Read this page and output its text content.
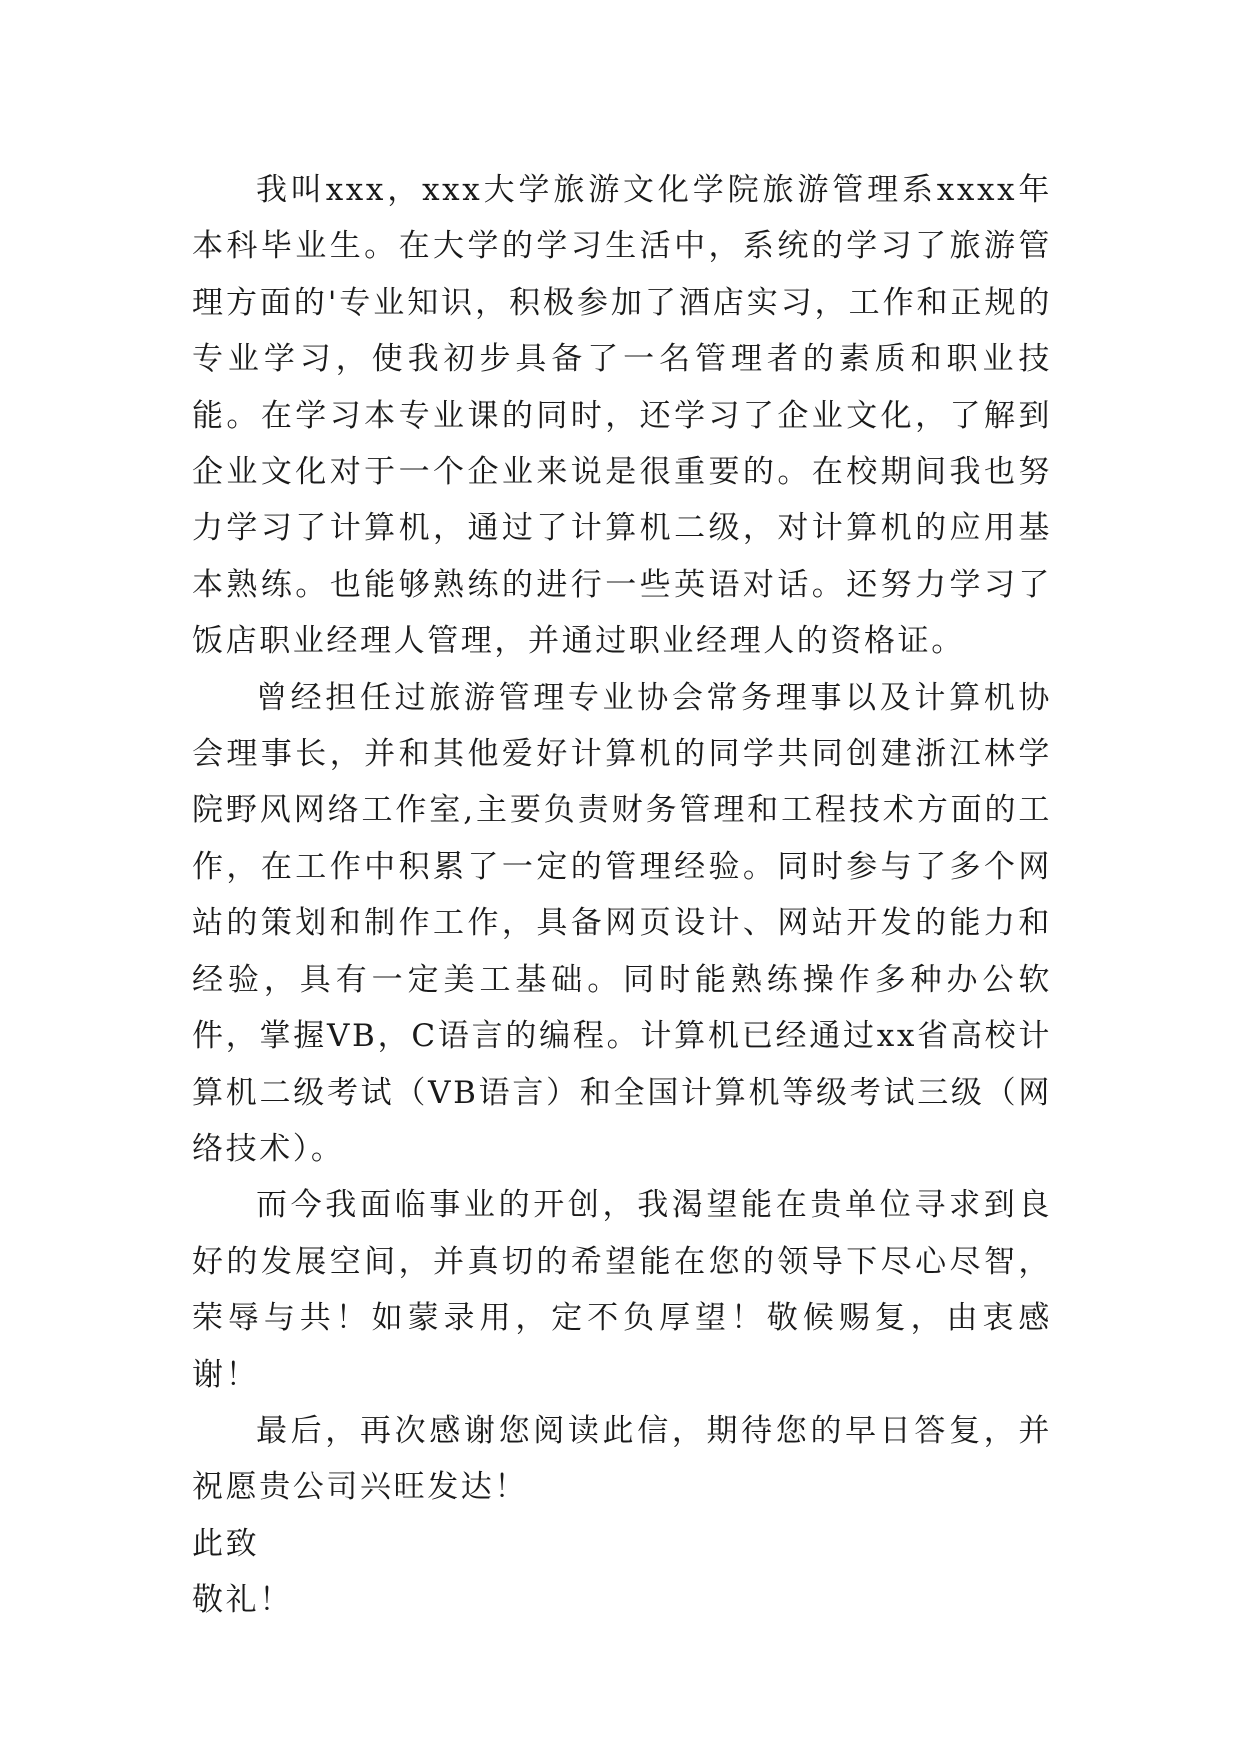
我叫xxx，xxx大学旅游文化学院旅游管理系xxxx年本科毕业生。在大学的学习生活中，系统的学习了旅游管理方面的'专业知识，积极参加了酒店实习，工作和正规的专业学习，使我初步具备了一名管理者的素质和职业技能。在学习本专业课的同时，还学习了企业文化，了解到企业文化对于一个企业来说是很重要的。在校期间我也努力学习了计算机，通过了计算机二级，对计算机的应用基本熟练。也能够熟练的进行一些英语对话。还努力学习了饭店职业经理人管理，并通过职业经理人的资格证。

曾经担任过旅游管理专业协会常务理事以及计算机协会理事长，并和其他爱好计算机的同学共同创建浙江林学院野风网络工作室,主要负责财务管理和工程技术方面的工作，在工作中积累了一定的管理经验。同时参与了多个网站的策划和制作工作，具备网页设计、网站开发的能力和经验，具有一定美工基础。同时能熟练操作多种办公软件，掌握VB，C语言的编程。计算机已经通过xx省高校计算机二级考试（VB语言）和全国计算机等级考试三级（网络技术）。

而今我面临事业的开创，我渴望能在贵单位寻求到良好的发展空间，并真切的希望能在您的领导下尽心尽智，荣辱与共！如蒙录用，定不负厚望！敬候赐复，由衷感谢！

最后，再次感谢您阅读此信，期待您的早日答复，并祝愿贵公司兴旺发达！

此致

敬礼！
